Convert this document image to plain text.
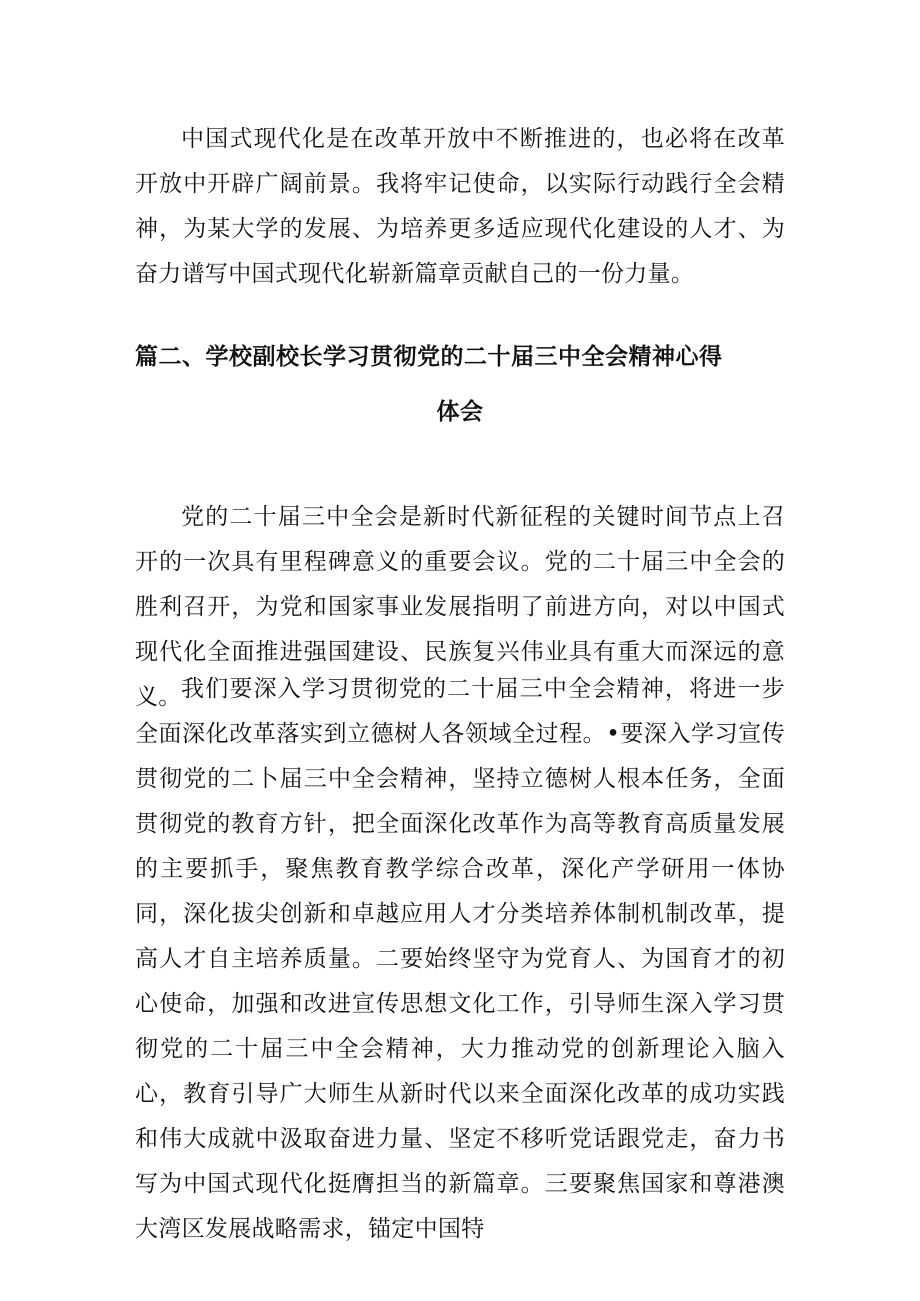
中国式现代化是在改革开放中不断推进的，也必将在改革开放中开辟广阔前景。我将牢记使命，以实际行动践行全会精神，为某大学的发展、为培养更多适应现代化建设的人才、为奋力谱写中国式现代化崭新篇章贡献自己的一份力量。

篇二、学校副校长学习贯彻党的二十届三中全会精神心得
体会

党的二十届三中全会是新时代新征程的关键时间节点上召开的一次具有里程碑意义的重要会议。党的二十届三中全会的胜利召开，为党和国家事业发展指明了前进方向，对以中国式现代化全面推进强国建设、民族复兴伟业具有重大而深远的意义。 我们要深入学习贯彻党的二十届三中全会精神，将进一步全面深化改革落实到立德树人各领域全过程。•要深入学习宣传贯彻党的二卜届三中全会精神，坚持立德树人根本任务，全面贯彻党的教育方针，把全面深化改革作为高等教育高质量发展的主要抓手，聚焦教育教学综合改革，深化产学研用一体协同，深化拔尖创新和卓越应用人才分类培养体制机制改革，提高人才自主培养质量。二要始终坚守为党育人、为国育才的初心使命，加强和改进宣传思想文化工作，引导师生深入学习贯彻党的二十届三中全会精神，大力推动党的创新理论入脑入心，教育引导广大师生从新时代以来全面深化改革的成功实践和伟大成就中汲取奋进力量、坚定不移听党话跟党走，奋力书写为中国式现代化挺膺担当的新篇章。三要聚焦国家和尊港澳大湾区发展战略需求，锚定中国特
